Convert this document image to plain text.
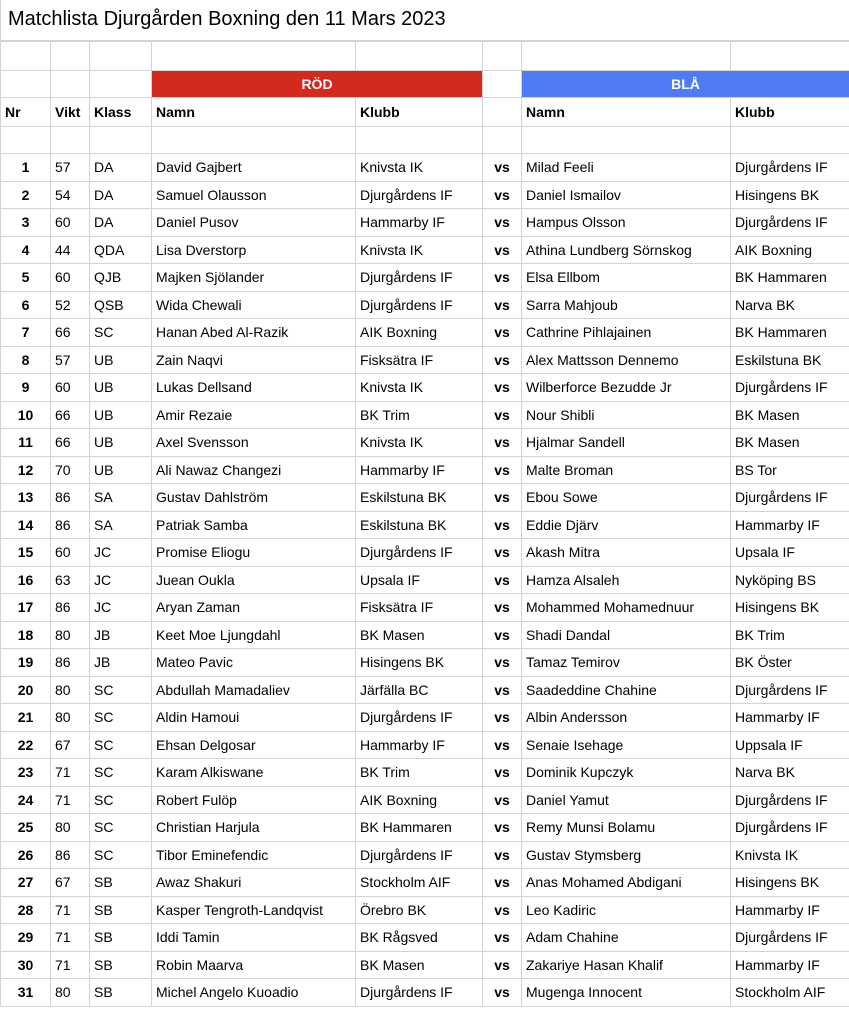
Matchlista Djurgården Boxning den 11 Mars 2023

			RÖD			BLÅ	
Nr	Vikt	Klass	Namn	Klubb		Namn	Klubb

1	57	DA	David Gajbert	Knivsta IK	vs	Milad Feeli	Djurgårdens IF
2	54	DA	Samuel Olausson	Djurgårdens IF	vs	Daniel Ismailov	Hisingens BK
3	60	DA	Daniel Pusov	Hammarby IF	vs	Hampus Olsson	Djurgårdens IF
4	44	QDA	Lisa Dverstorp	Knivsta IK	vs	Athina Lundberg Sörnskog	AIK Boxning
5	60	QJB	Majken Sjölander	Djurgårdens IF	vs	Elsa Ellbom	BK Hammaren
6	52	QSB	Wida Chewali	Djurgårdens IF	vs	Sarra Mahjoub	Narva BK
7	66	SC	Hanan Abed Al-Razik	AIK Boxning	vs	Cathrine Pihlajainen	BK Hammaren
8	57	UB	Zain Naqvi	Fisksätra IF	vs	Alex Mattsson Dennemo	Eskilstuna BK
9	60	UB	Lukas Dellsand	Knivsta IK	vs	Wilberforce Bezudde Jr	Djurgårdens IF
10	66	UB	Amir Rezaie	BK Trim	vs	Nour Shibli	BK Masen
11	66	UB	Axel Svensson	Knivsta IK	vs	Hjalmar Sandell	BK Masen
12	70	UB	Ali Nawaz Changezi	Hammarby IF	vs	Malte Broman	BS Tor
13	86	SA	Gustav Dahlström	Eskilstuna BK	vs	Ebou Sowe	Djurgårdens IF
14	86	SA	Patriak Samba	Eskilstuna BK	vs	Eddie Djärv	Hammarby IF
15	60	JC	Promise Eliogu	Djurgårdens IF	vs	Akash Mitra	Upsala IF
16	63	JC	Juean Oukla	Upsala IF	vs	Hamza Alsaleh	Nyköping BS
17	86	JC	Aryan Zaman	Fisksätra IF	vs	Mohammed Mohamednuur	Hisingens BK
18	80	JB	Keet Moe Ljungdahl	BK Masen	vs	Shadi Dandal	BK Trim
19	86	JB	Mateo Pavic	Hisingens BK	vs	Tamaz Temirov	BK Öster
20	80	SC	Abdullah Mamadaliev	Järfälla BC	vs	Saadeddine Chahine	Djurgårdens IF
21	80	SC	Aldin Hamoui	Djurgårdens IF	vs	Albin Andersson	Hammarby IF
22	67	SC	Ehsan Delgosar	Hammarby IF	vs	Senaie Isehage	Uppsala IF
23	71	SC	Karam Alkiswane	BK Trim	vs	Dominik Kupczyk	Narva BK
24	71	SC	Robert Fulöp	AIK Boxning	vs	Daniel Yamut	Djurgårdens IF
25	80	SC	Christian Harjula	BK Hammaren	vs	Remy Munsi Bolamu	Djurgårdens IF
26	86	SC	Tibor Eminefendic	Djurgårdens IF	vs	Gustav Stymsberg	Knivsta IK
27	67	SB	Awaz Shakuri	Stockholm AIF	vs	Anas Mohamed Abdigani	Hisingens BK
28	71	SB	Kasper Tengroth-Landqvist	Örebro BK	vs	Leo Kadiric	Hammarby IF
29	71	SB	Iddi Tamin	BK Rågsved	vs	Adam Chahine	Djurgårdens IF
30	71	SB	Robin Maarva	BK Masen	vs	Zakariye Hasan Khalif	Hammarby IF
31	80	SB	Michel Angelo Kuoadio	Djurgårdens IF	vs	Mugenga Innocent	Stockholm AIF
